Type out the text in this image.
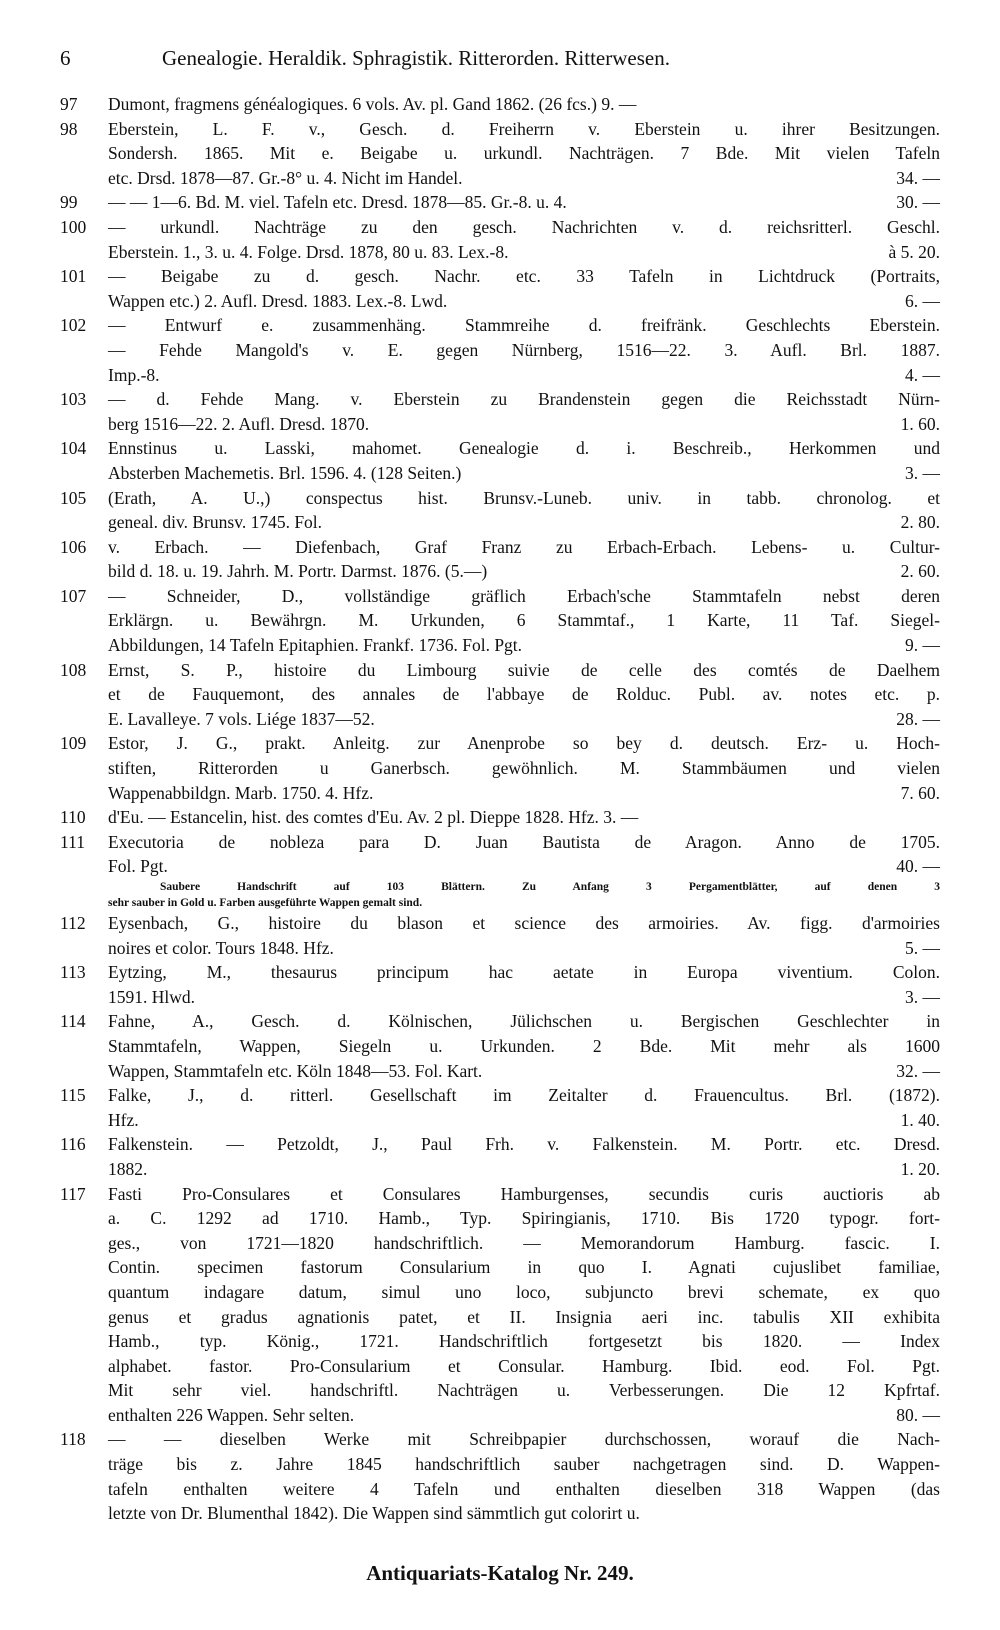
6	Genealogie. Heraldik. Sphragistik. Ritterorden. Ritterwesen.
97	Dumont, fragmens généalogiques. 6 vols. Av. pl. Gand 1862. (26 fcs.) 9. —
98	Eberstein, L. F. v., Gesch. d. Freiherrn v. Eberstein u. ihrer Besitzungen.
Sondersh. 1865. Mit e. Beigabe u. urkundl. Nachträgen. 7 Bde. Mit vielen Tafeln
etc. Drsd. 1878—87. Gr.-8° u. 4. Nicht im Handel.	34. —
99	— — 1—6. Bd. M. viel. Tafeln etc. Dresd. 1878—85. Gr.-8. u. 4.	30. —
100	— urkundl. Nachträge zu den gesch. Nachrichten v. d. reichsritterl. Geschl.
Eberstein. 1., 3. u. 4. Folge. Drsd. 1878, 80 u. 83. Lex.-8.	à 5. 20.
101	— Beigabe zu d. gesch. Nachr. etc. 33 Tafeln in Lichtdruck (Portraits,
Wappen etc.) 2. Aufl. Dresd. 1883. Lex.-8. Lwd.	6. —
102	— Entwurf e. zusammenhäng. Stammreihe d. freifränk. Geschlechts Eberstein.
— Fehde Mangold's v. E. gegen Nürnberg, 1516—22. 3. Aufl. Brl. 1887.
Imp.-8.	4. —
103	— d. Fehde Mang. v. Eberstein zu Brandenstein gegen die Reichsstadt Nürn-
berg 1516—22. 2. Aufl. Dresd. 1870.	1. 60.
104	Ennstinus u. Lasski, mahomet. Genealogie d. i. Beschreib., Herkommen und
Absterben Machemetis. Brl. 1596. 4. (128 Seiten.)	3. —
105	(Erath, A. U.,) conspectus hist. Brunsv.-Luneb. univ. in tabb. chronolog. et
geneal. div. Brunsv. 1745. Fol.	2. 80.
106	v. Erbach. — Diefenbach, Graf Franz zu Erbach-Erbach. Lebens- u. Cultur-
bild d. 18. u. 19. Jahrh. M. Portr. Darmst. 1876. (5.—)	2. 60.
107	— Schneider, D., vollständige gräflich Erbach'sche Stammtafeln nebst deren
Erklärgn. u. Bewährgn. M. Urkunden, 6 Stammtaf., 1 Karte, 11 Taf. Siegel-
Abbildungen, 14 Tafeln Epitaphien. Frankf. 1736. Fol. Pgt.	9. —
108	Ernst, S. P., histoire du Limbourg suivie de celle des comtés de Daelhem
et de Fauquemont, des annales de l'abbaye de Rolduc. Publ. av. notes etc. p.
E. Lavalleye. 7 vols. Liége 1837—52.	28. —
109	Estor, J. G., prakt. Anleitg. zur Anenprobe so bey d. deutsch. Erz- u. Hoch-
stiften, Ritterorden u Ganerbsch. gewöhnlich. M. Stammbäumen und vielen
Wappenabbildgn. Marb. 1750. 4. Hfz.	7. 60.
110	d'Eu. — Estancelin, hist. des comtes d'Eu. Av. 2 pl. Dieppe 1828. Hfz. 3. —
111	Executoria de nobleza para D. Juan Bautista de Aragon. Anno de 1705.
Fol. Pgt.	40. —
Saubere Handschrift auf 103 Blättern. Zu Anfang 3 Pergamentblätter, auf denen 3
sehr sauber in Gold u. Farben ausgeführte Wappen gemalt sind.
112	Eysenbach, G., histoire du blason et science des armoiries. Av. figg. d'armoiries
noires et color. Tours 1848. Hfz.	5. —
113	Eytzing, M., thesaurus principum hac aetate in Europa viventium. Colon.
1591. Hlwd.	3. —
114	Fahne, A., Gesch. d. Kölnischen, Jülichschen u. Bergischen Geschlechter in
Stammtafeln, Wappen, Siegeln u. Urkunden. 2 Bde. Mit mehr als 1600
Wappen, Stammtafeln etc. Köln 1848—53. Fol. Kart.	32. —
115	Falke, J., d. ritterl. Gesellschaft im Zeitalter d. Frauencultus. Brl. (1872).
Hfz.	1. 40.
116	Falkenstein. — Petzoldt, J., Paul Frh. v. Falkenstein. M. Portr. etc. Dresd.
1882.	1. 20.
117	Fasti Pro-Consulares et Consulares Hamburgenses, secundis curis auctioris ab
a. C. 1292 ad 1710. Hamb., Typ. Spiringianis, 1710. Bis 1720 typogr. fort-
ges., von 1721—1820 handschriftlich. — Memorandorum Hamburg. fascic. I.
Contin. specimen fastorum Consularium in quo I. Agnati cujuslibet familiae,
quantum indagare datum, simul uno loco, subjuncto brevi schemate, ex quo
genus et gradus agnationis patet, et II. Insignia aeri inc. tabulis XII exhibita
Hamb., typ. König., 1721. Handschriftlich fortgesetzt bis 1820. — Index
alphabet. fastor. Pro-Consularium et Consular. Hamburg. Ibid. eod. Fol. Pgt.
Mit sehr viel. handschriftl. Nachträgen u. Verbesserungen. Die 12 Kpfrtaf.
enthalten 226 Wappen. Sehr selten.	80. —
118	— — dieselben Werke mit Schreibpapier durchschossen, worauf die Nach-
träge bis z. Jahre 1845 handschriftlich sauber nachgetragen sind. D. Wappen-
tafeln enthalten weitere 4 Tafeln und enthalten dieselben 318 Wappen (das
letzte von Dr. Blumenthal 1842). Die Wappen sind sämmtlich gut colorirt u.
Antiquariats-Katalog Nr. 249.
